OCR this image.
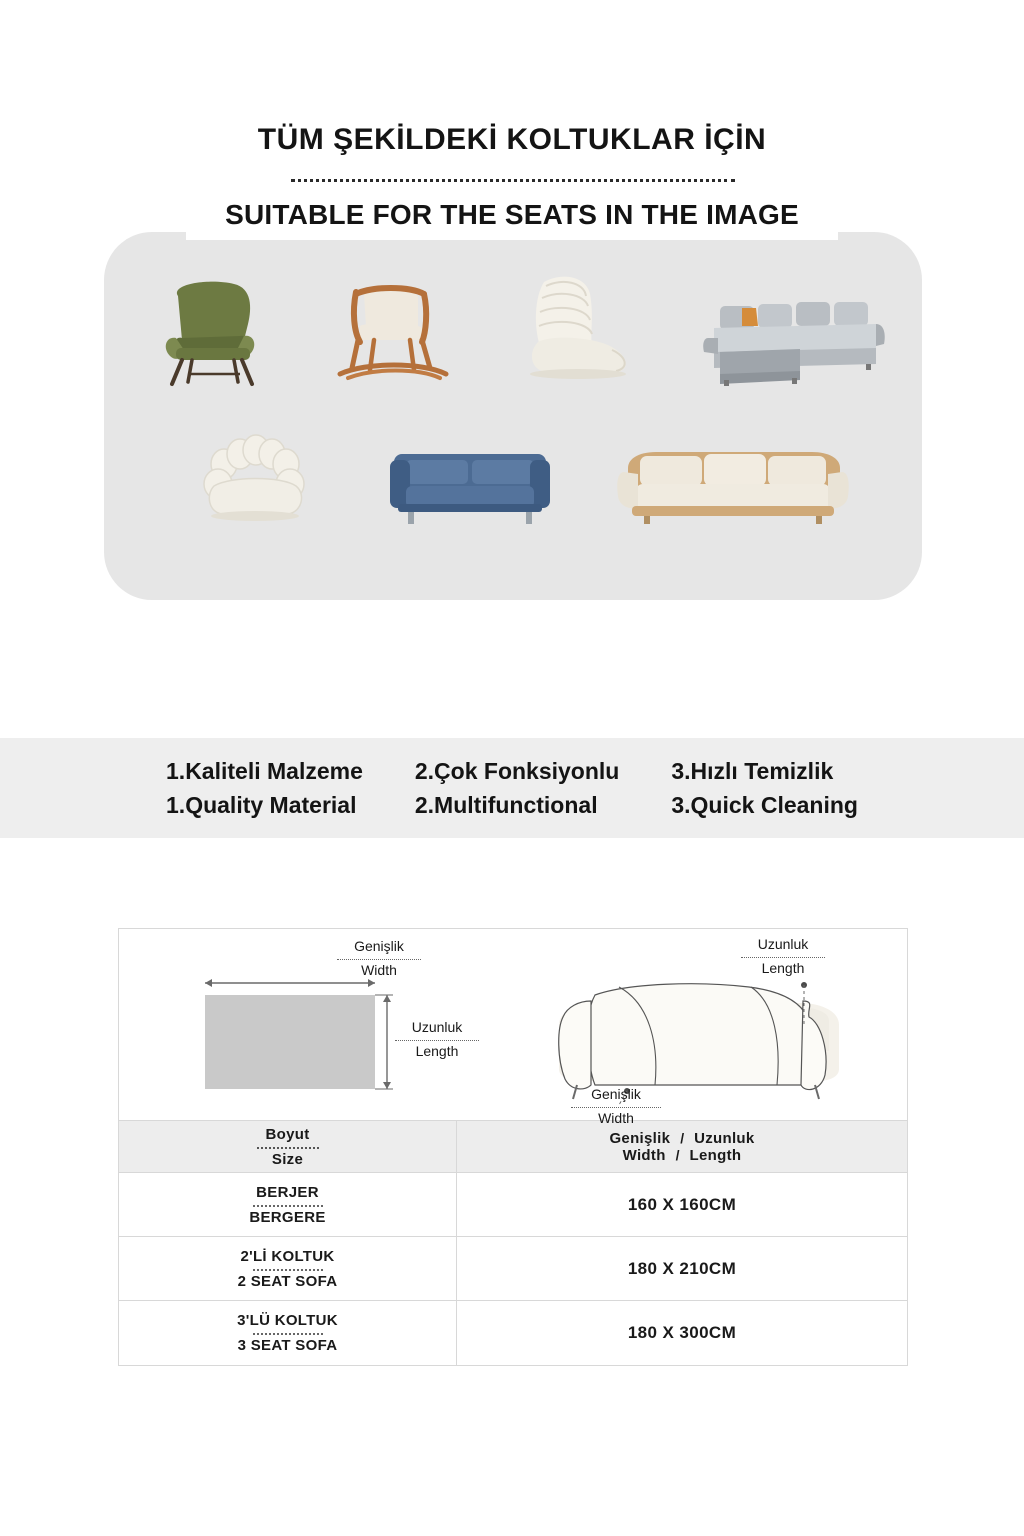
TÜM ŞEKİLDEKİ KOLTUKLAR İÇİN
SUITABLE FOR THE SEATS IN THE IMAGE
1.Kaliteli Malzeme
1.Quality Material
2.Çok Fonksiyonlu
2.Multifunctional
3.Hızlı Temizlik
3.Quick Cleaning
Genişlik
Width
Uzunluk
Length
Uzunluk
Length
Genişlik
Width
Boyut
Size
Genişlik / Uzunluk
Width / Length
BERJER
BERGERE
160 X 160CM
2'Lİ KOLTUK
2 SEAT SOFA
180 X 210CM
3'LÜ KOLTUK
3 SEAT SOFA
180 X 300CM
